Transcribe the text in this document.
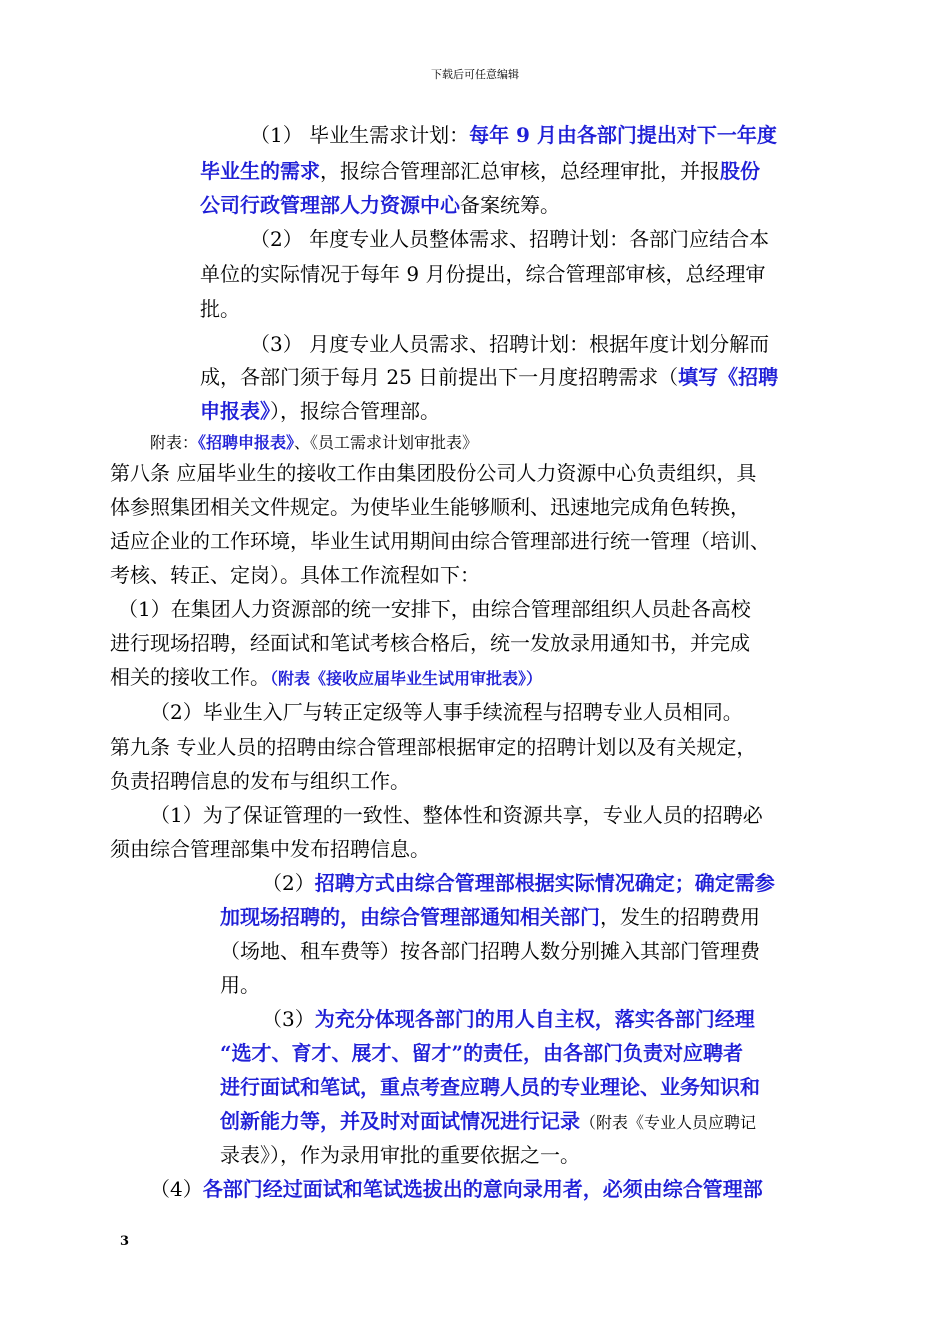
下载后可任意编辑
（1） 毕业生需求计划：每年 9 月由各部门提出对下一年度
毕业生的需求，报综合管理部汇总审核，总经理审批，并报股份
公司行政管理部人力资源中心备案统筹。
（2） 年度专业人员整体需求、招聘计划：各部门应结合本
单位的实际情况于每年 9 月份提出，综合管理部审核，总经理审
批。
（3） 月度专业人员需求、招聘计划：根据年度计划分解而
成，各部门须于每月 25 日前提出下一月度招聘需求（填写《招聘
申报表》），报综合管理部。
附表：《招聘申报表》、《员工需求计划审批表》
第八条 应届毕业生的接收工作由集团股份公司人力资源中心负责组织，具
体参照集团相关文件规定。为使毕业生能够顺利、迅速地完成角色转换，
适应企业的工作环境，毕业生试用期间由综合管理部进行统一管理（培训、
考核、转正、定岗）。具体工作流程如下：
（1）在集团人力资源部的统一安排下，由综合管理部组织人员赴各高校
进行现场招聘，经面试和笔试考核合格后，统一发放录用通知书，并完成
相关的接收工作。（附表《接收应届毕业生试用审批表》）
（2）毕业生入厂与转正定级等人事手续流程与招聘专业人员相同。
第九条 专业人员的招聘由综合管理部根据审定的招聘计划以及有关规定，
负责招聘信息的发布与组织工作。
（1）为了保证管理的一致性、整体性和资源共享，专业人员的招聘必
须由综合管理部集中发布招聘信息。
（2）招聘方式由综合管理部根据实际情况确定；确定需参
加现场招聘的，由综合管理部通知相关部门，发生的招聘费用
（场地、租车费等）按各部门招聘人数分别摊入其部门管理费
用。
（3）为充分体现各部门的用人自主权，落实各部门经理
“选才、育才、展才、留才”的责任，由各部门负责对应聘者
进行面试和笔试，重点考查应聘人员的专业理论、业务知识和
创新能力等，并及时对面试情况进行记录（附表《专业人员应聘记
录表》），作为录用审批的重要依据之一。
（4）各部门经过面试和笔试选拔出的意向录用者，必须由综合管理部
3
